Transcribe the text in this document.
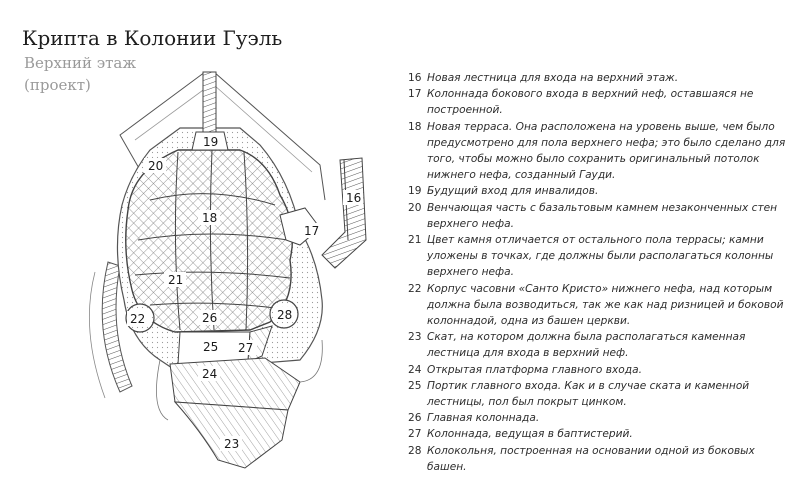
Крипта в Колонии Гуэль
Верхний этаж
(проект)
19
20
18
21
22	26	28
17
16
25 27
24
23
16 Новая лестница для входа на верхний этаж.
17 Колоннада бокового входа в верхний неф, оставшаяся не построенной.
18 Новая терраса. Она расположена на уровень выше, чем было предусмотрено для пола верхнего нефа; это было сделано для того, чтобы можно было сохранить оригинальный потолок нижнего нефа, созданный Гауди.
19 Будущий вход для инвалидов.
20 Венчающая часть с базальтовым камнем незаконченных стен верхнего нефа.
21 Цвет камня отличается от остального пола террасы; камни уложены в точках, где должны были располагаться колонны верхнего нефа.
22 Корпус часовни «Санто Кристо» нижнего нефа, над которым должна была возводиться, так же как над ризницей и боковой колоннадой, одна из башен церкви.
23 Скат, на котором должна была располагаться каменная лестница для входа в верхний неф.
24 Открытая платформа главного входа.
25 Портик главного входа. Как и в случае ската и каменной лестницы, пол был покрыт цинком.
26 Главная колоннада.
27 Колоннада, ведущая в баптистерий.
28 Колокольня, построенная на основании одной из боковых башен.
